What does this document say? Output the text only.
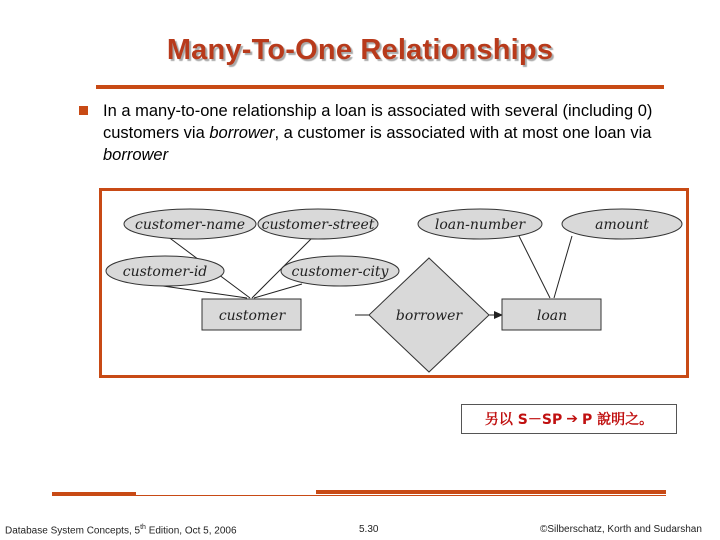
Many-To-One Relationships
In a many-to-one relationship a loan is associated with several (including 0) customers via borrower, a customer is associated with at most one loan via borrower
customer-name customer-street
customer-id	customer-city
loan-number	amount
customer	loan
borrower
另以 S－SP ➔ P 說明之。
Database System Concepts, 5th Edition, Oct 5, 2006	5.30	©Silberschatz, Korth and Sudarshan
